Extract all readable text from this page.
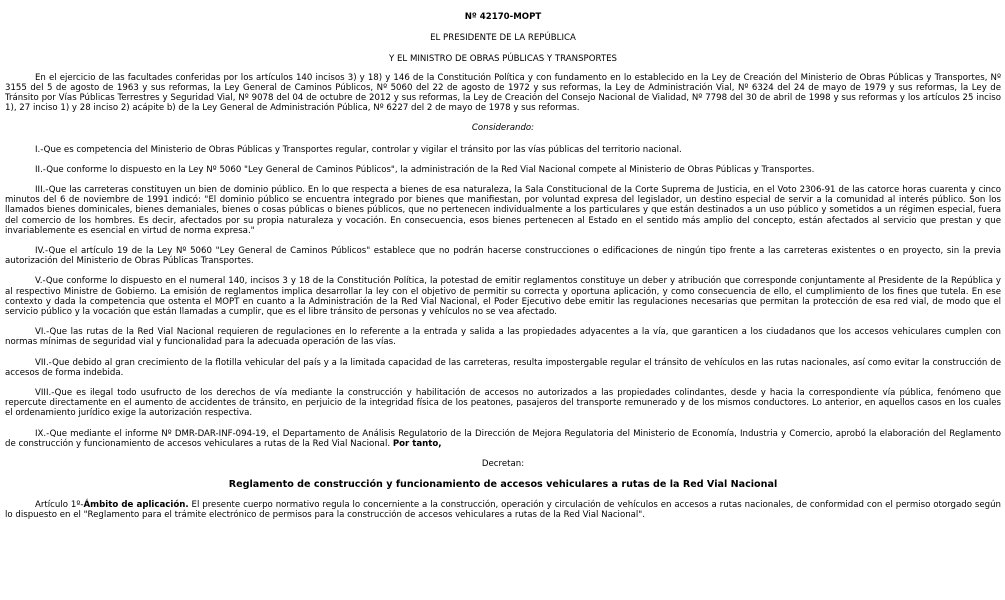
Nº 42170-MOPT
EL PRESIDENTE DE LA REPÚBLICA
Y EL MINISTRO DE OBRAS PÚBLICAS Y TRANSPORTES

En el ejercicio de las facultades conferidas por los artículos 140 incisos 3) y 18) y 146 de la Constitución Política y con fundamento en lo establecido en la Ley de Creación del Ministerio de Obras Públicas y Transportes, Nº 3155 del 5 de agosto de 1963 y sus reformas, la Ley General de Caminos Públicos, Nº 5060 del 22 de agosto de 1972 y sus reformas, la Ley de Administración Vial, Nº 6324 del 24 de mayo de 1979 y sus reformas, la Ley de Tránsito por Vías Públicas Terrestres y Seguridad Vial, Nº 9078 del 04 de octubre de 2012 y sus reformas, la Ley de Creación del Consejo Nacional de Vialidad, Nº 7798 del 30 de abril de 1998 y sus reformas y los artículos 25 inciso 1), 27 inciso 1) y 28 inciso 2) acápite b) de la Ley General de Administración Pública, Nº 6227 del 2 de mayo de 1978 y sus reformas.

Considerando:

I.-Que es competencia del Ministerio de Obras Públicas y Transportes regular, controlar y vigilar el tránsito por las vías públicas del territorio nacional.

II.-Que conforme lo dispuesto en la Ley Nº 5060 "Ley General de Caminos Públicos", la administración de la Red Vial Nacional compete al Ministerio de Obras Públicas y Transportes.

III.-Que las carreteras constituyen un bien de dominio público. En lo que respecta a bienes de esa naturaleza, la Sala Constitucional de la Corte Suprema de Justicia, en el Voto 2306-91 de las catorce horas cuarenta y cinco minutos del 6 de noviembre de 1991 indicó: "El dominio público se encuentra integrado por bienes que manifiestan, por voluntad expresa del legislador, un destino especial de servir a la comunidad al interés público. Son los llamados bienes dominicales, bienes demaniales, bienes o cosas públicas o bienes públicos, que no pertenecen individualmente a los particulares y que están destinados a un uso público y sometidos a un régimen especial, fuera del comercio de los hombres. Es decir, afectados por su propia naturaleza y vocación. En consecuencia, esos bienes pertenecen al Estado en el sentido más amplio del concepto, están afectados al servicio que prestan y que invariablemente es esencial en virtud de norma expresa."

IV.-Que el artículo 19 de la Ley Nº 5060 "Ley General de Caminos Públicos" establece que no podrán hacerse construcciones o edificaciones de ningún tipo frente a las carreteras existentes o en proyecto, sin la previa autorización del Ministerio de Obras Públicas Transportes.

V.-Que conforme lo dispuesto en el numeral 140, incisos 3 y 18 de la Constitución Política, la potestad de emitir reglamentos constituye un deber y atribución que corresponde conjuntamente al Presidente de la República y al respectivo Ministre de Gobierno. La emisión de reglamentos implica desarrollar la ley con el objetivo de permitir su correcta y oportuna aplicación, y como consecuencia de ello, el cumplimiento de los fines que tutela. En ese contexto y dada la competencia que ostenta el MOPT en cuanto a la Administración de la Red Vial Nacional, el Poder Ejecutivo debe emitir las regulaciones necesarias que permitan la protección de esa red vial, de modo que el servicio público y la vocación que están llamadas a cumplir, que es el libre tránsito de personas y vehículos no se vea afectado.

VI.-Que las rutas de la Red Vial Nacional requieren de regulaciones en lo referente a la entrada y salida a las propiedades adyacentes a la vía, que garanticen a los ciudadanos que los accesos vehiculares cumplen con normas mínimas de seguridad vial y funcionalidad para la adecuada operación de las vías.

VII.-Que debido al gran crecimiento de la flotilla vehicular del país y a la limitada capacidad de las carreteras, resulta impostergable regular el tránsito de vehículos en las rutas nacionales, así como evitar la construcción de accesos de forma indebida.

VIII.-Que es ilegal todo usufructo de los derechos de vía mediante la construcción y habilitación de accesos no autorizados a las propiedades colindantes, desde y hacia la correspondiente vía pública, fenómeno que repercute directamente en el aumento de accidentes de tránsito, en perjuicio de la integridad física de los peatones, pasajeros del transporte remunerado y de los mismos conductores. Lo anterior, en aquellos casos en los cuales el ordenamiento jurídico exige la autorización respectiva.

IX.-Que mediante el informe Nº DMR-DAR-INF-094-19, el Departamento de Análisis Regulatorio de la Dirección de Mejora Regulatoria del Ministerio de Economía, Industria y Comercio, aprobó la elaboración del Reglamento de construcción y funcionamiento de accesos vehiculares a rutas de la Red Vial Nacional. Por tanto,

Decretan:
Reglamento de construcción y funcionamiento de accesos vehiculares a rutas de la Red Vial Nacional

Artículo 1º-Ámbito de aplicación. El presente cuerpo normativo regula lo concerniente a la construcción, operación y circulación de vehículos en accesos a rutas nacionales, de conformidad con el permiso otorgado según lo dispuesto en el "Reglamento para el trámite electrónico de permisos para la construcción de accesos vehiculares a rutas de la Red Vial Nacional".
